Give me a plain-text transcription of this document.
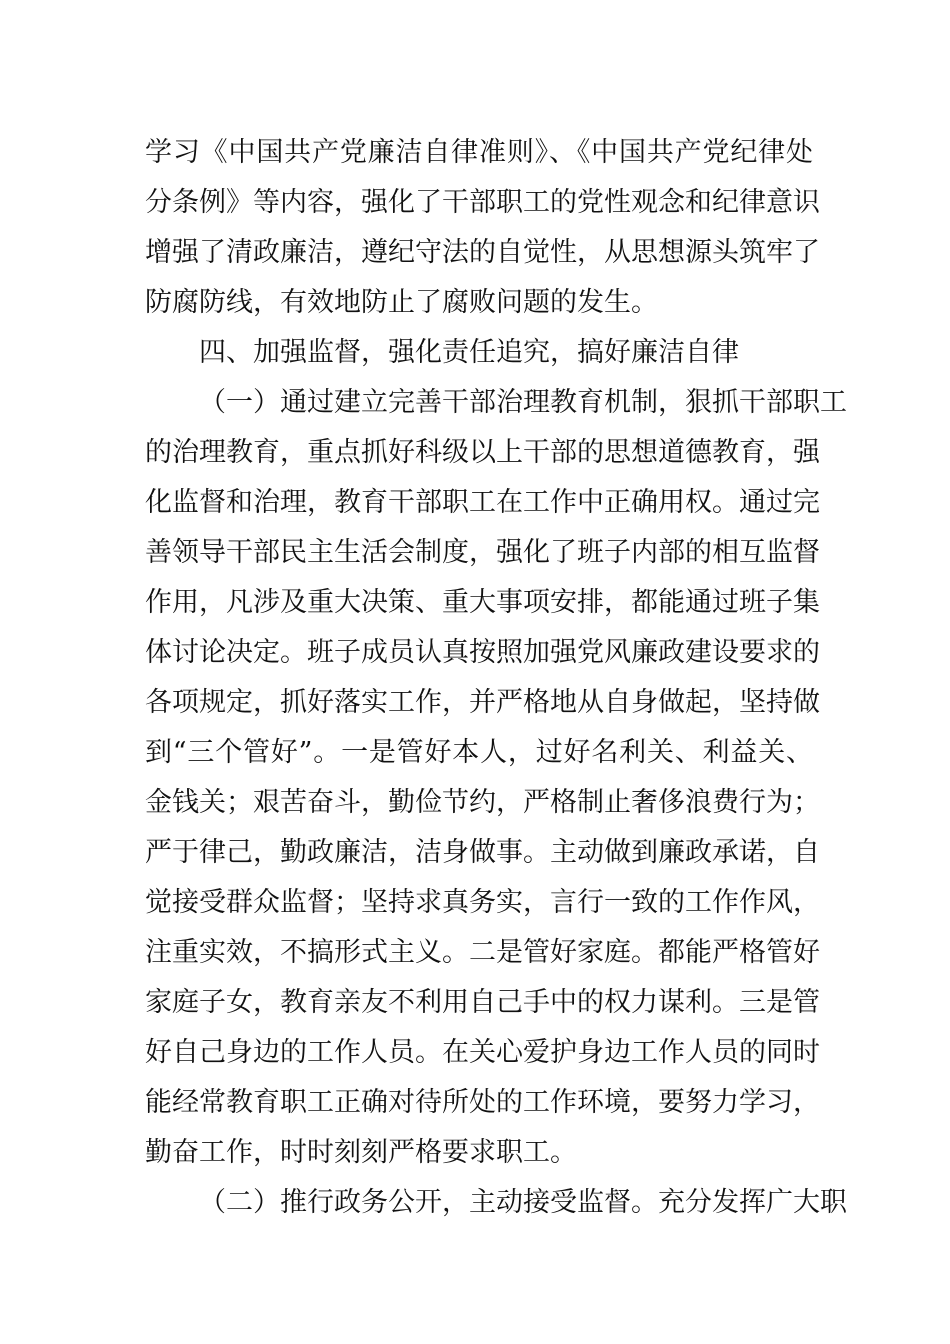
学习《中国共产党廉洁自律准则》、《中国共产党纪律处
分条例》等内容，强化了干部职工的党性观念和纪律意识
增强了清政廉洁，遵纪守法的自觉性，从思想源头筑牢了
防腐防线，有效地防止了腐败问题的发生。
四、加强监督，强化责任追究，搞好廉洁自律
（一）通过建立完善干部治理教育机制，狠抓干部职工
的治理教育，重点抓好科级以上干部的思想道德教育，强
化监督和治理，教育干部职工在工作中正确用权。通过完
善领导干部民主生活会制度，强化了班子内部的相互监督
作用，凡涉及重大决策、重大事项安排，都能通过班子集
体讨论决定。班子成员认真按照加强党风廉政建设要求的
各项规定，抓好落实工作，并严格地从自身做起，坚持做
到“三个管好”。一是管好本人，过好名利关、利益关、
金钱关；艰苦奋斗，勤俭节约，严格制止奢侈浪费行为；
严于律己，勤政廉洁，洁身做事。主动做到廉政承诺，自
觉接受群众监督；坚持求真务实，言行一致的工作作风，
注重实效，不搞形式主义。二是管好家庭。都能严格管好
家庭子女，教育亲友不利用自己手中的权力谋利。三是管
好自己身边的工作人员。在关心爱护身边工作人员的同时
能经常教育职工正确对待所处的工作环境，要努力学习，
勤奋工作，时时刻刻严格要求职工。
（二）推行政务公开，主动接受监督。充分发挥广大职
